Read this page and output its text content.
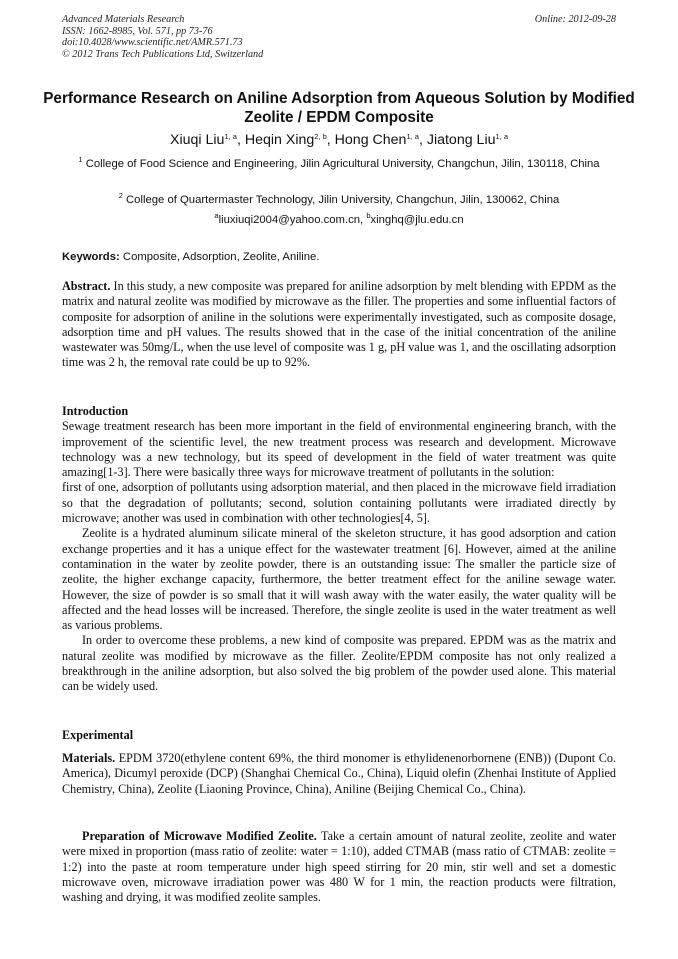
Advanced Materials Research
ISSN: 1662-8985, Vol. 571, pp 73-76
doi:10.4028/www.scientific.net/AMR.571.73
© 2012 Trans Tech Publications Ltd, Switzerland
Online: 2012-09-28
Performance Research on Aniline Adsorption from Aqueous Solution by Modified Zeolite / EPDM Composite
Xiuqi Liu$^{1, a}$, Heqin Xing$^{2, b}$, Hong Chen$^{1, a}$, Jiatong Liu$^{1, a}$
$^1$ College of Food Science and Engineering, Jilin Agricultural University, Changchun, Jilin, 130118, China
$^2$ College of Quartermaster Technology, Jilin University, Changchun, Jilin, 130062, China
$^a$liuxiuqi2004@yahoo.com.cn, $^b$xinghq@jlu.edu.cn
Keywords: Composite, Adsorption, Zeolite, Aniline.

Abstract. In this study, a new composite was prepared for aniline adsorption by melt blending with EPDM as the matrix and natural zeolite was modified by microwave as the filler. The properties and some influential factors of composite for adsorption of aniline in the solutions were experimentally investigated, such as composite dosage, adsorption time and pH values. The results showed that in the case of the initial concentration of the aniline wastewater was 50mg/L, when the use level of composite was 1 g, pH value was 1, and the oscillating adsorption time was 2 h, the removal rate could be up to 92%.

Introduction

Sewage treatment research has been more important in the field of environmental engineering branch, with the improvement of the scientific level, the new treatment process was research and development. Microwave technology was a new technology, but its speed of development in the field of water treatment was quite amazing[1-3]. There were basically three ways for microwave treatment of pollutants in the solution:

first of one, adsorption of pollutants using adsorption material, and then placed in the microwave field irradiation so that the degradation of pollutants; second, solution containing pollutants were irradiated directly by microwave; another was used in combination with other technologies[4, 5].

Zeolite is a hydrated aluminum silicate mineral of the skeleton structure, it has good adsorption and cation exchange properties and it has a unique effect for the wastewater treatment [6]. However, aimed at the aniline contamination in the water by zeolite powder, there is an outstanding issue: The smaller the particle size of zeolite, the higher exchange capacity, furthermore, the better treatment effect for the aniline sewage water. However, the size of powder is so small that it will wash away with the water easily, the water quality will be affected and the head losses will be increased. Therefore, the single zeolite is used in the water treatment as well as various problems.

In order to overcome these problems, a new kind of composite was prepared. EPDM was as the matrix and natural zeolite was modified by microwave as the filler. Zeolite/EPDM composite has not only realized a breakthrough in the aniline adsorption, but also solved the big problem of the powder used alone. This material can be widely used.

Experimental

Materials. EPDM 3720(ethylene content 69%, the third monomer is ethylidenenorbornene (ENB)) (Dupont Co. America), Dicumyl peroxide (DCP) (Shanghai Chemical Co., China), Liquid olefin (Zhenhai Institute of Applied Chemistry, China), Zeolite (Liaoning Province, China), Aniline (Beijing Chemical Co., China).

Preparation of Microwave Modified Zeolite. Take a certain amount of natural zeolite, zeolite and water were mixed in proportion (mass ratio of zeolite: water = 1:10), added CTMAB (mass ratio of CTMAB: zeolite = 1:2) into the paste at room temperature under high speed stirring for 20 min, stir well and set a domestic microwave oven, microwave irradiation power was 480 W for 1 min, the reaction products were filtration, washing and drying, it was modified zeolite samples.
